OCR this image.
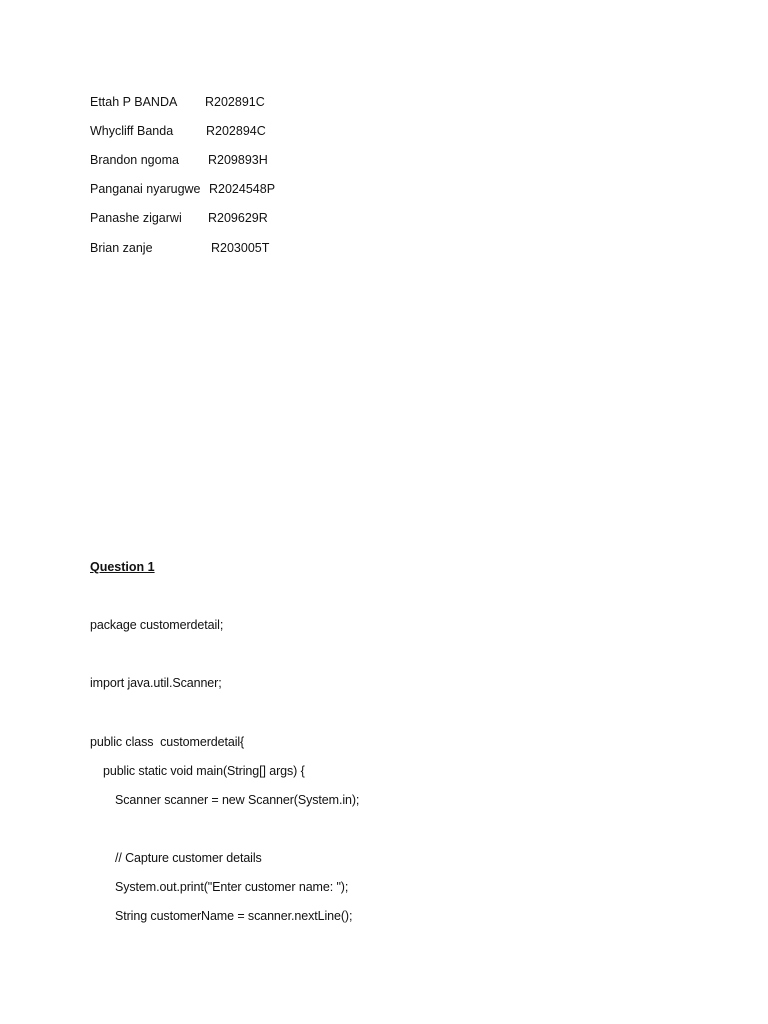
Ettah P BANDA R202891C
Whycliff Banda	R202894C
Brandon ngoma R209893H
Panganai nyarugwe R2024548P
Panashe zigarwi R209629R
Brian zanje	R203005T
Question 1
package customerdetail;
import java.util.Scanner;
public class  customerdetail{
public static void main(String[] args) {
Scanner scanner = new Scanner(System.in);
// Capture customer details
System.out.print("Enter customer name: ");
String customerName = scanner.nextLine();
